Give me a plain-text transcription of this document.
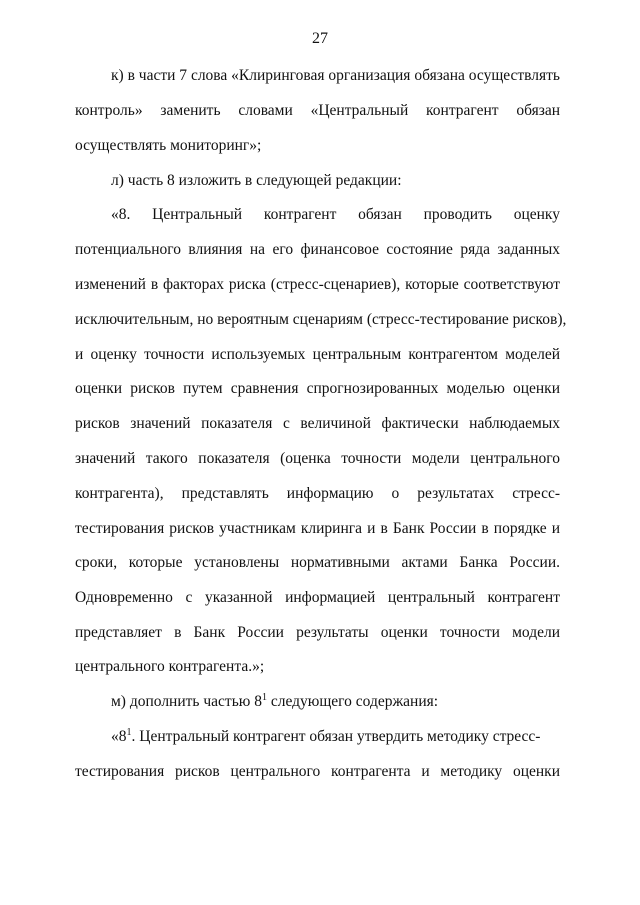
27
к) в части 7 слова «Клиринговая организация обязана осуществлять
контроль» заменить словами «Центральный контрагент обязан
осуществлять мониторинг»;
л) часть 8 изложить в следующей редакции:
«8. Центральный контрагент обязан проводить оценку
потенциального влияния на его финансовое состояние ряда заданных
изменений в факторах риска (стресс-сценариев), которые соответствуют
исключительным, но вероятным сценариям (стресс-тестирование рисков),
и оценку точности используемых центральным контрагентом моделей
оценки рисков путем сравнения спрогнозированных моделью оценки
рисков значений показателя с величиной фактически наблюдаемых
значений такого показателя (оценка точности модели центрального
контрагента), представлять информацию о результатах стресс-
тестирования рисков участникам клиринга и в Банк России в порядке и
сроки, которые установлены нормативными актами Банка России.
Одновременно с указанной информацией центральный контрагент
представляет в Банк России результаты оценки точности модели
центрального контрагента.»;
м) дополнить частью $8^1$ следующего содержания:
«$8^1$. Центральный контрагент обязан утвердить методику стресс-
тестирования рисков центрального контрагента и методику оценки
